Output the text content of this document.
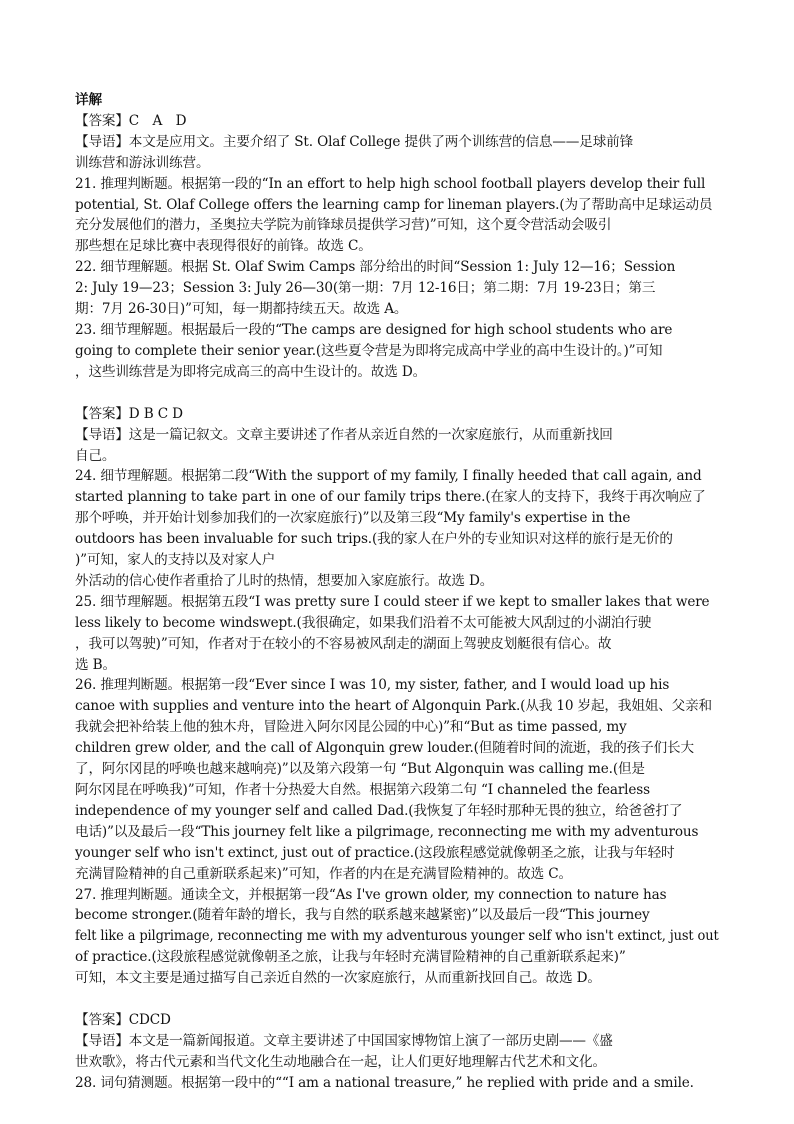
详解
【答案】C　A　D
【导语】本文是应用文。主要介绍了 St. Olaf College 提供了两个训练营的信息——足球前锋
训练营和游泳训练营。
21. 推理判断题。根据第一段的“In an effort to help high school football players develop their full
potential, St. Olaf College offers the learning camp for lineman players.(为了帮助高中足球运动员
充分发展他们的潜力，圣奥拉夫学院为前锋球员提供学习营)”可知，这个夏令营活动会吸引
那些想在足球比赛中表现得很好的前锋。故选 C。
22. 细节理解题。根据 St. Olaf Swim Camps 部分给出的时间“Session 1: July 12—16；Session
2: July 19—23；Session 3: July 26—30(第一期：7月 12-16日；第二期：7月 19-23日；第三
期：7月 26-30日)”可知，每一期都持续五天。故选 A。
23. 细节理解题。根据最后一段的“The camps are designed for high school students who are
going to complete their senior year.(这些夏令营是为即将完成高中学业的高中生设计的。)”可知
，这些训练营是为即将完成高三的高中生设计的。故选 D。
【答案】D B C D
【导语】这是一篇记叙文。文章主要讲述了作者从亲近自然的一次家庭旅行，从而重新找回
自己。
24. 细节理解题。根据第二段“With the support of my family, I finally heeded that call again, and
started planning to take part in one of our family trips there.(在家人的支持下，我终于再次响应了
那个呼唤，并开始计划参加我们的一次家庭旅行)”以及第三段“My family's expertise in the
outdoors has been invaluable for such trips.(我的家人在户外的专业知识对这样的旅行是无价的
)”可知，家人的支持以及对家人户
外活动的信心使作者重拾了儿时的热情，想要加入家庭旅行。故选 D。
25. 细节理解题。根据第五段“I was pretty sure I could steer if we kept to smaller lakes that were
less likely to become windswept.(我很确定，如果我们沿着不太可能被大风刮过的小湖泊行驶
，我可以驾驶)”可知，作者对于在较小的不容易被风刮走的湖面上驾驶皮划艇很有信心。故
选 B。
26. 推理判断题。根据第一段“Ever since I was 10, my sister, father, and I would load up his
canoe with supplies and venture into the heart of Algonquin Park.(从我 10 岁起，我姐姐、父亲和
我就会把补给装上他的独木舟，冒险进入阿尔冈昆公园的中心)”和“But as time passed, my
children grew older, and the call of Algonquin grew louder.(但随着时间的流逝，我的孩子们长大
了，阿尔冈昆的呼唤也越来越响亮)”以及第六段第一句 “But Algonquin was calling me.(但是
阿尔冈昆在呼唤我)”可知，作者十分热爱大自然。根据第六段第二句 “I channeled the fearless
independence of my younger self and called Dad.(我恢复了年轻时那种无畏的独立，给爸爸打了
电话)”以及最后一段“This journey felt like a pilgrimage, reconnecting me with my adventurous
younger self who isn't extinct, just out of practice.(这段旅程感觉就像朝圣之旅，让我与年轻时
充满冒险精神的自己重新联系起来)”可知，作者的内在是充满冒险精神的。故选 C。
27. 推理判断题。通读全文，并根据第一段“As I've grown older, my connection to nature has
become stronger.(随着年龄的增长，我与自然的联系越来越紧密)”以及最后一段“This journey
felt like a pilgrimage, reconnecting me with my adventurous younger self who isn't extinct, just out
of practice.(这段旅程感觉就像朝圣之旅，让我与年轻时充满冒险精神的自己重新联系起来)”
可知，本文主要是通过描写自己亲近自然的一次家庭旅行，从而重新找回自己。故选 D。
【答案】CDCD
【导语】本文是一篇新闻报道。文章主要讲述了中国国家博物馆上演了一部历史剧——《盛
世欢歌》，将古代元素和当代文化生动地融合在一起，让人们更好地理解古代艺术和文化。
28. 词句猜测题。根据第一段中的““I am a national treasure,” he replied with pride and a smile.
